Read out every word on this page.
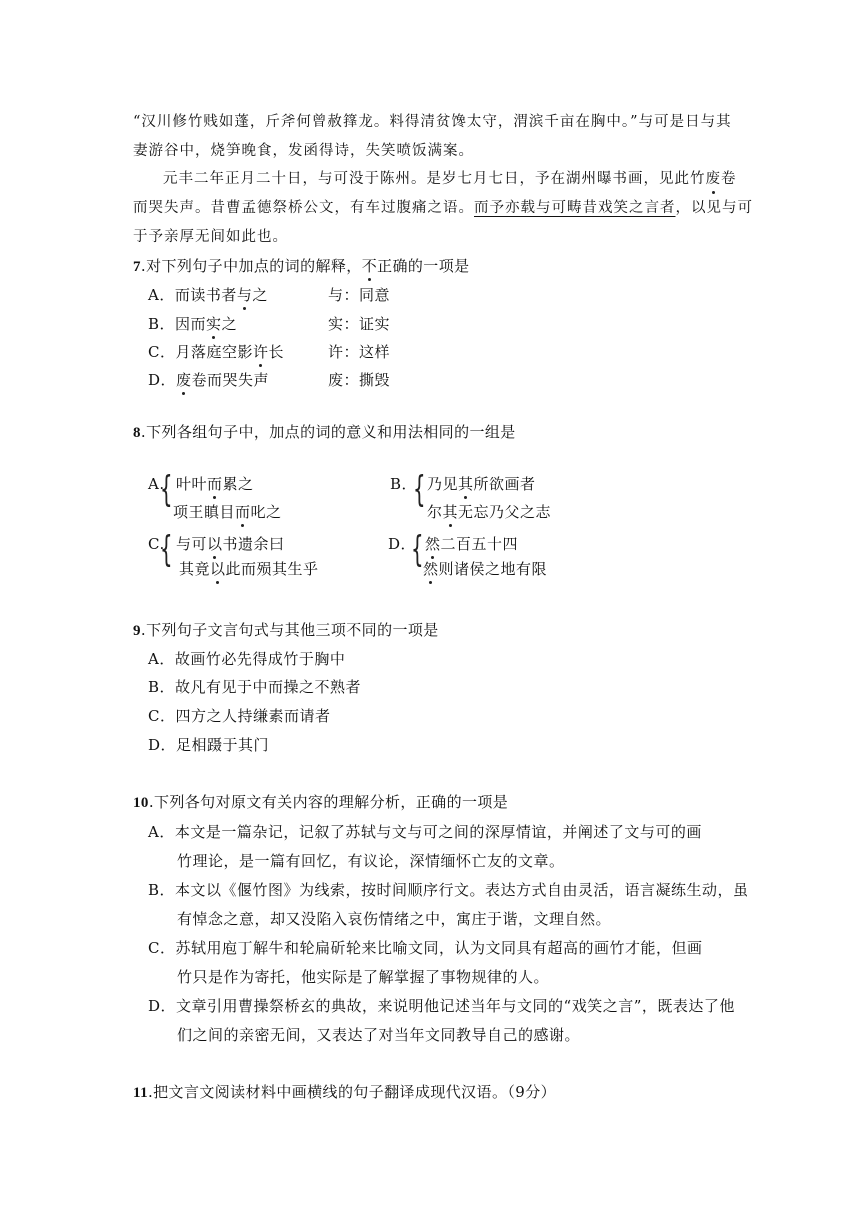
“汉川修竹贱如蓬，斤斧何曾赦箨龙。料得清贫馋太守，渭滨千亩在胸中。”与可是日与其
妻游谷中，烧笋晚食，发函得诗，失笑喷饭满案。
元丰二年正月二十日，与可没于陈州。是岁七月七日，予在湖州曝书画，见此竹废卷
而哭失声。昔曹孟德祭桥公文，有车过腹痛之语。而予亦载与可畴昔戏笑之言者，以见与可
于予亲厚无间如此也。
7.对下列句子中加点的词的解释，不正确的一项是
A．而读书者与之	与：同意
B．因而实之	实：证实
C．月落庭空影许长	许：这样
D．废卷而哭失声	废：撕毁
8.下列各组句子中，加点的词的意义和用法相同的一组是
A.
{ 叶叶而累之
项王瞋目而叱之
B．
{ 乃见其所欲画者
尔其无忘乃父之志
C.
{ 与可以书遗余曰
其竟以此而殒其生乎
D．
{ 然二百五十四
然则诸侯之地有限
9.下列句子文言句式与其他三项不同的一项是
A．故画竹必先得成竹于胸中
B．故凡有见于中而操之不熟者
C．四方之人持缣素而请者
D．足相蹑于其门
10.下列各句对原文有关内容的理解分析，正确的一项是
A．本文是一篇杂记，记叙了苏轼与文与可之间的深厚情谊，并阐述了文与可的画
竹理论，是一篇有回忆，有议论，深情缅怀亡友的文章。
B．本文以《偃竹图》为线索，按时间顺序行文。表达方式自由灵活，语言凝练生动，虽
有悼念之意，却又没陷入哀伤情绪之中，寓庄于谐，文理自然。
C．苏轼用庖丁解牛和轮扁斫轮来比喻文同，认为文同具有超高的画竹才能，但画
竹只是作为寄托，他实际是了解掌握了事物规律的人。
D．文章引用曹操祭桥玄的典故，来说明他记述当年与文同的“戏笑之言”，既表达了他
们之间的亲密无间，又表达了对当年文同教导自己的感谢。
11.把文言文阅读材料中画横线的句子翻译成现代汉语。（9分）
